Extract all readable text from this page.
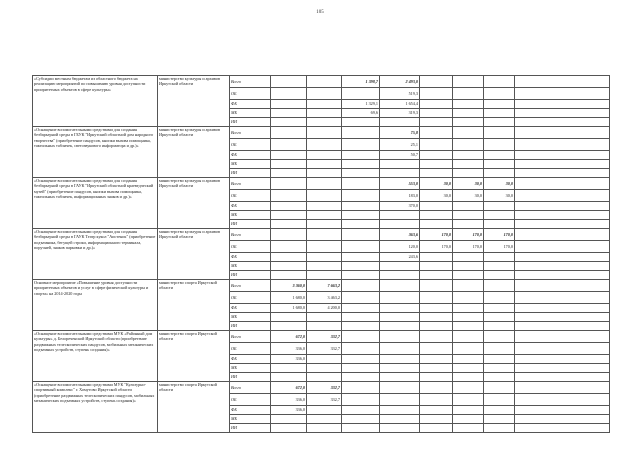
105
«Субсидии местным бюджетам из областного бюджета на реализацию мероприятий по повышению уровня доступности приоритетных объектов в сфере культуры»	министерство культуры и архивов Иркутской области	Всего			1 398,7	2 493,0				
		ОБ				519,3				
		ФБ			1 329,1	1 654,4				
		МБ			69,6	319,3				
		ИИ								
«Оснащение вспомогательными средствами для создания безбарьерной среды в ГБУК "Иркутский областной дом народного творчества" (приобретение пандусов, кнопки вызова помощника, тактильных табличек, светозвукового информатора и др.)»	министерство культуры и архивов Иркутской области	Всего				75,8				
		ОБ				25,1				
		ФБ				50,7				
		МБ								
		ИИ								
«Оснащение вспомогательными средствами для создания безбарьерной среды в ГАУК "Иркутский областной краеведческий музей" (приобретение пандусов, кнопки вызова помощника, тактильных табличек, информационных знаков и др.)»	министерство культуры и архивов Иркутской области	Всего				553,0	30,0	30,0	30,0	
		ОБ				183,0	30,0	30,0	30,0	
		ФБ				370,0				
		МБ								
		ИИ								
«Оснащение вспомогательными средствами для создания безбарьерной среды в ГАУК Театр кукол "Аистенок" (приобретение подъемника, бегущей строки, информационного терминала, поручней, знаков парковки и др.)»	министерство культуры и архивов Иркутской области	Всего				363,6	170,0	170,0	170,0	
		ОБ				120,0	170,0	170,0	170,0	
		ФБ				243,6				
		МБ								
		ИИ								
Основное мероприятие «Повышение уровня доступности приоритетных объектов и услуг в сфере физической культуры и спорта» на 2014-2020 годы	министерство спорта Иркутской области	Всего	3 360,0	7 663,2						
		ОБ	1 680,0	3 463,2						
		ФБ	1 680,0	4 200,0						
		МБ								
		ИИ								
«Оснащение вспомогательными средствами МУК «Районный дом культуры» д. Белореченской Иркутской области (приобретение раздвижных телескопических пандусов, мобильных механических подъемных устройств, ступень создания)»	министерство спорта Иркутской области	Всего	672,0	332,7						
		ОБ	336,0	332,7						
		ФБ	336,0							
		МБ								
		ИИ								
«Оснащение вспомогательными средствами МУК "Культурно-спортивный комплекс" г. Хомутово Иркутской области (приобретение раздвижных телескопических пандусов, мобильных механических подъемных устройств, ступень создания)»	министерство спорта Иркутской области	Всего	672,0	332,7						
		ОБ	336,0	332,7						
		ФБ	336,0							
		МБ								
		ИИ								
